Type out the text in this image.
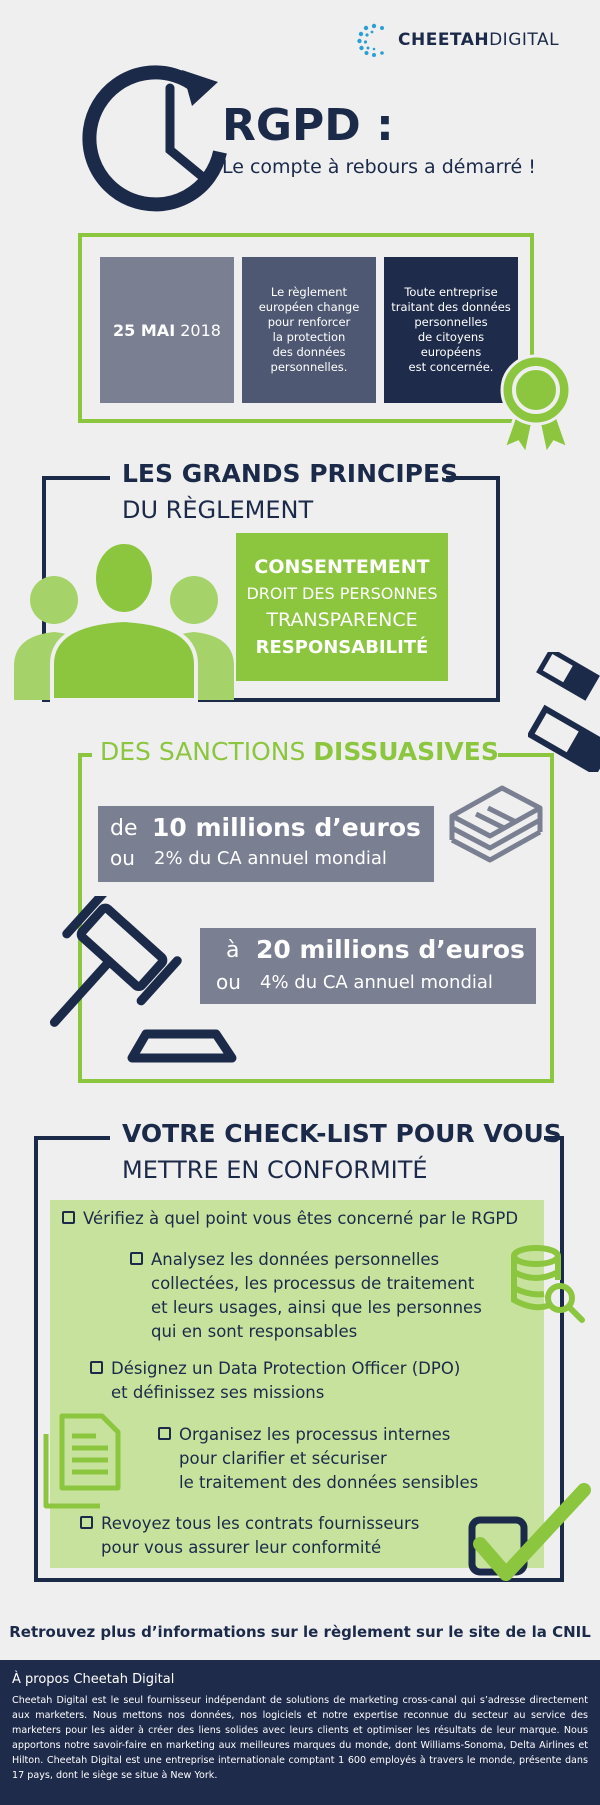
CHEETAHDIGITAL
RGPD :
Le compte à rebours a démarré !
25 MAI 2018
Le règlement
européen change
pour renforcer
la protection
des données
personnelles.
Toute entreprise
traitant des données
personnelles
de citoyens
européens
est concernée.
LES GRANDS PRINCIPES
DU RÈGLEMENT
CONSENTEMENT
DROIT DES PERSONNES
TRANSPARENCE
RESPONSABILITÉ
DES SANCTIONS DISSUASIVES
de
ou
10 millions d’euros
2% du CA annuel mondial
à
ou
20 millions d’euros
4% du CA annuel mondial
VOTRE CHECK-LIST POUR VOUS
METTRE EN CONFORMITÉ
Vérifiez à quel point vous êtes concerné par le RGPD
Analysez les données personnelles
collectées, les processus de traitement
et leurs usages, ainsi que les personnes
qui en sont responsables
Désignez un Data Protection Officer (DPO)
et définissez ses missions
Organisez les processus internes
pour clarifier et sécuriser
le traitement des données sensibles
Revoyez tous les contrats fournisseurs
pour vous assurer leur conformité
Retrouvez plus d’informations sur le règlement sur le site de la CNIL
À propos Cheetah Digital
Cheetah Digital est le seul fournisseur indépendant de solutions de marketing cross-canal qui s’adresse directement aux marketers. Nous mettons nos données, nos logiciels et notre expertise reconnue du secteur au service des marketers pour les aider à créer des liens solides avec leurs clients et optimiser les résultats de leur marque. Nous apportons notre savoir-faire en marketing aux meilleures marques du monde, dont Williams-Sonoma, Delta Airlines et Hilton. Cheetah Digital est une entreprise internationale comptant 1 600 employés à travers le monde, présente dans 17 pays, dont le siège se situe à New York.
